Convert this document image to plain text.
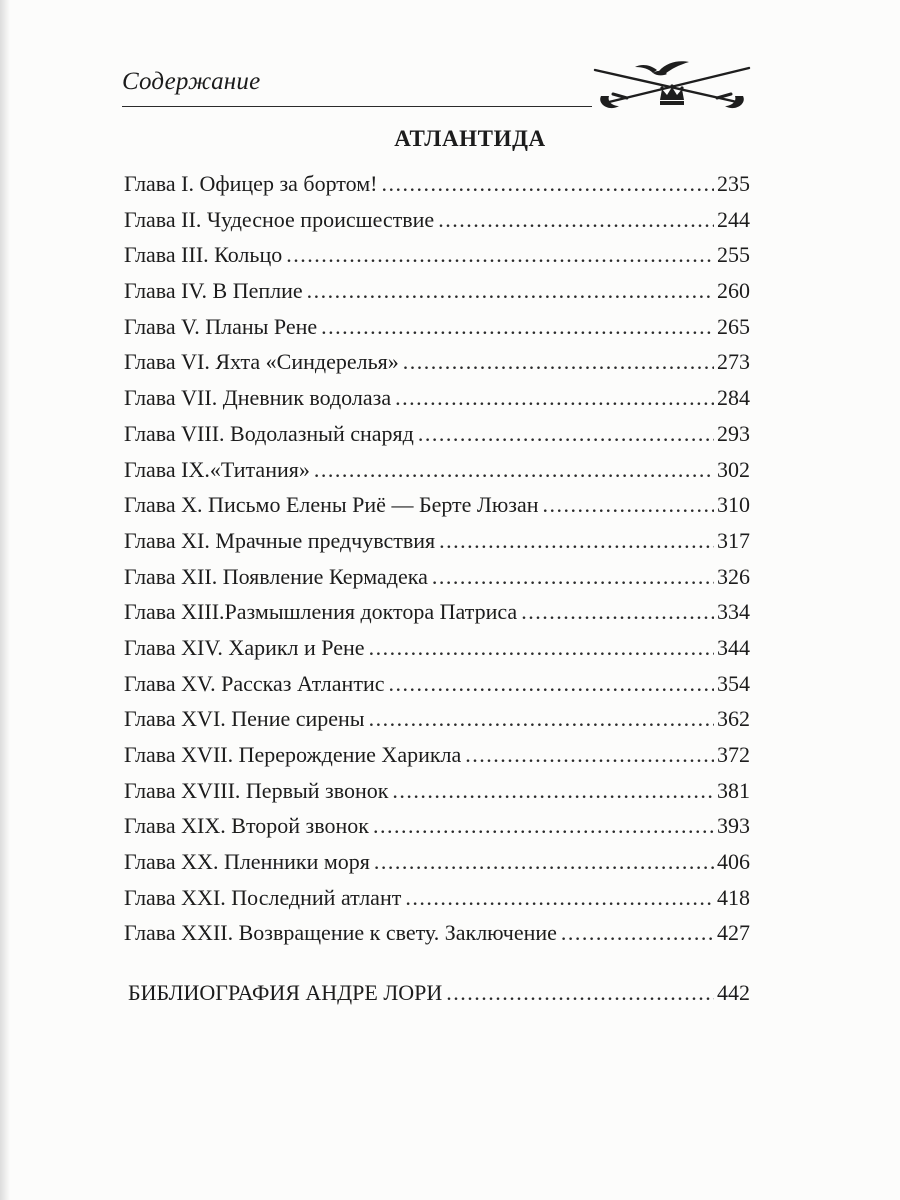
Содержание
АТЛАНТИДА
Глава I. Офицер за бортом! .....	235
Глава II. Чудесное происшествие .....	244
Глава III. Кольцо .....	255
Глава IV. В Пеплие .....	260
Глава V. Планы Рене .....	265
Глава VI. Яхта «Синдерелья» .....	273
Глава VII. Дневник водолаза .....	284
Глава VIII. Водолазный снаряд .....	293
Глава IX.«Титания» .....	302
Глава X. Письмо Елены Риё — Берте Люзан .....	310
Глава XI. Мрачные предчувствия .....	317
Глава XII. Появление Кермадека .....	326
Глава XIII.Размышления доктора Патриса .....	334
Глава XIV. Харикл и Рене .....	344
Глава XV. Рассказ Атлантис .....	354
Глава XVI. Пение сирены .....	362
Глава XVII. Перерождение Харикла .....	372
Глава XVIII. Первый звонок .....	381
Глава XIX. Второй звонок .....	393
Глава XX. Пленники моря .....	406
Глава XXI. Последний атлант .....	418
Глава XXII. Возвращение к свету. Заключение .....	427
БИБЛИОГРАФИЯ АНДРЕ ЛОРИ .....	442
